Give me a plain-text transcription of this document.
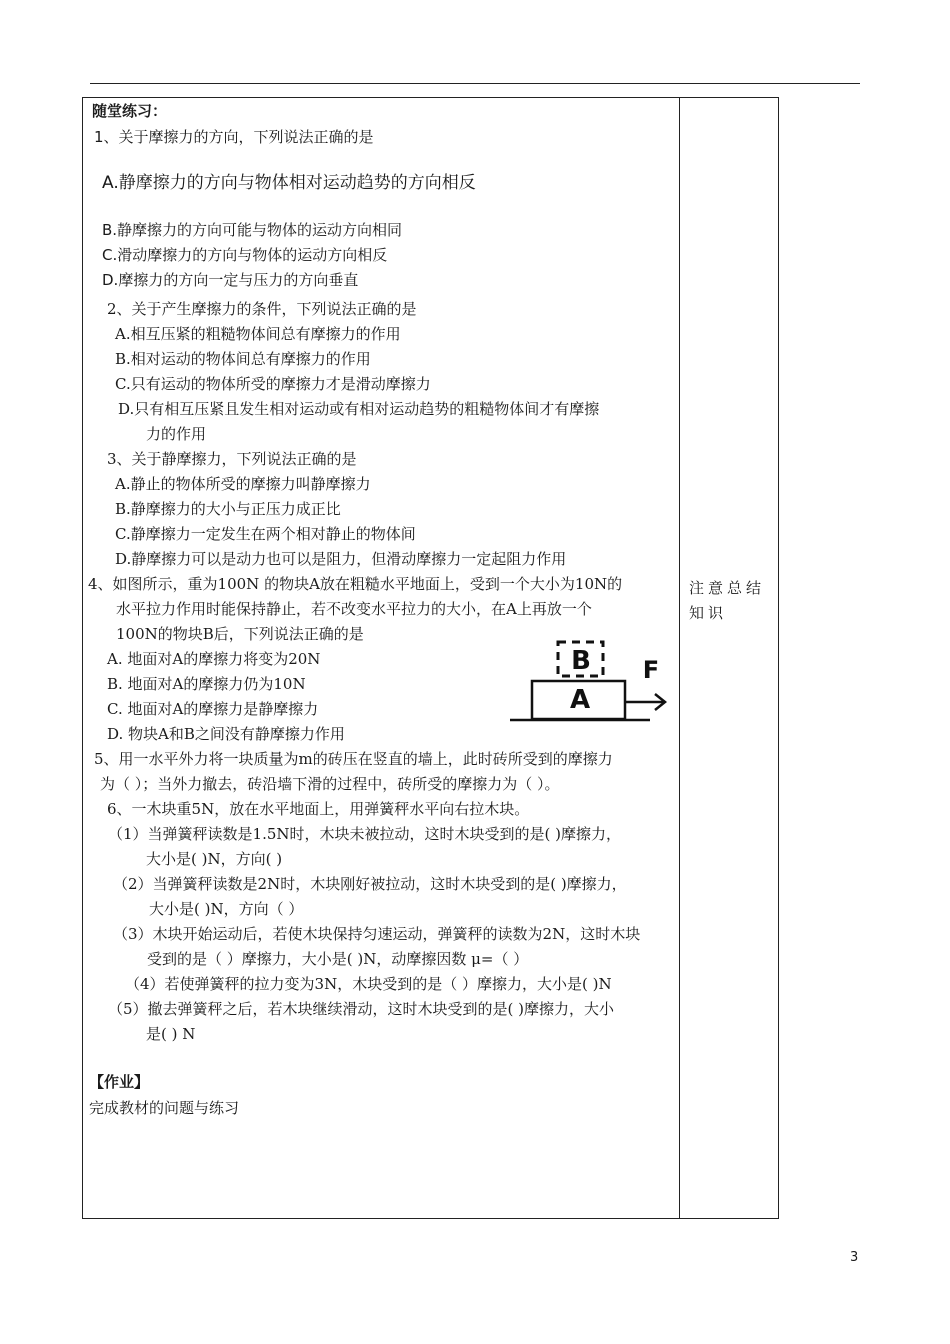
随堂练习：
1、关于摩擦力的方向，下列说法正确的是
A.静摩擦力的方向与物体相对运动趋势的方向相反
B.静摩擦力的方向可能与物体的运动方向相同
C.滑动摩擦力的方向与物体的运动方向相反
D.摩擦力的方向一定与压力的方向垂直
2、关于产生摩擦力的条件，下列说法正确的是
A.相互压紧的粗糙物体间总有摩擦力的作用
B.相对运动的物体间总有摩擦力的作用
C.只有运动的物体所受的摩擦力才是滑动摩擦力
D.只有相互压紧且发生相对运动或有相对运动趋势的粗糙物体间才有摩擦
力的作用
3、关于静摩擦力，下列说法正确的是
A.静止的物体所受的摩擦力叫静摩擦力
B.静摩擦力的大小与正压力成正比
C.静摩擦力一定发生在两个相对静止的物体间
D.静摩擦力可以是动力也可以是阻力，但滑动摩擦力一定起阻力作用
4、如图所示，重为100N 的物块A放在粗糙水平地面上，受到一个大小为10N的
水平拉力作用时能保持静止，若不改变水平拉力的大小，在A上再放一个
100N的物块B后，下列说法正确的是
A. 地面对A的摩擦力将变为20N
B. 地面对A的摩擦力仍为10N
C. 地面对A的摩擦力是静摩擦力
D. 物块A和B之间没有静摩擦力作用
B
A
F
5、用一水平外力将一块质量为m的砖压在竖直的墙上，此时砖所受到的摩擦力
为（ ）；当外力撤去，砖沿墙下滑的过程中，砖所受的摩擦力为（ ）。
6、一木块重5N，放在水平地面上，用弹簧秤水平向右拉木块。
（1）当弹簧秤读数是1.5N时，木块未被拉动，这时木块受到的是( )摩擦力，
大小是( )N，方向( )
（2）当弹簧秤读数是2N时，木块刚好被拉动，这时木块受到的是( )摩擦力，
大小是( )N，方向（ ）
（3）木块开始运动后，若使木块保持匀速运动，弹簧秤的读数为2N，这时木块
受到的是（ ）摩擦力，大小是( )N，动摩擦因数 μ=（ ）
（4）若使弹簧秤的拉力变为3N，木块受到的是（ ）摩擦力，大小是( )N
（5）撤去弹簧秤之后，若木块继续滑动，这时木块受到的是( )摩擦力，大小
是( ) N
【作业】
完成教材的问题与练习
注意总结知识
3
